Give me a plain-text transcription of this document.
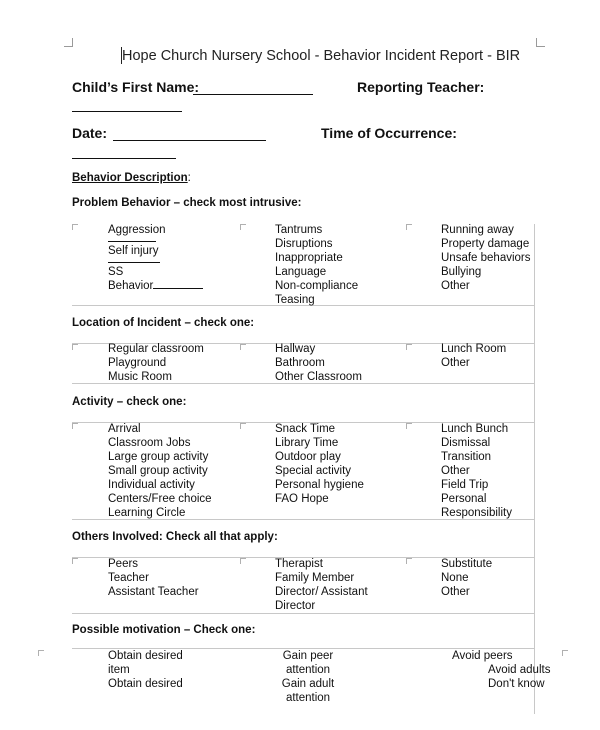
Hope Church Nursery School - Behavior Incident Report - BIR
Child’s First Name:	Reporting Teacher:
Date:	Time of Occurrence:
Behavior Description:
Problem Behavior – check most intrusive:
Aggression
Self injury
SS
Behavior
Tantrums
Disruptions
Inappropriate
Language
Non-compliance
Teasing
Running away
Property damage
Unsafe behaviors
Bullying
Other
Location of Incident – check one:
Regular classroom
Playground
Music Room
Hallway
Bathroom
Other Classroom
Lunch Room
Other
Activity – check one:
Arrival
Classroom Jobs
Large group activity
Small group activity
Individual activity
Centers/Free choice
Learning Circle
Snack Time
Library Time
Outdoor play
Special activity
Personal hygiene
FAO Hope
Lunch Bunch
Dismissal
Transition
Other
Field Trip
Personal
Responsibility
Others Involved: Check all that apply:
Peers
Teacher
Assistant Teacher
Therapist
Family Member
Director/ Assistant
Director
Substitute
None
Other
Possible motivation – Check one:
Obtain desired
item
Obtain desired
Gain peer
attention
Gain adult attention
Avoid peers
Avoid adults
Don't know
